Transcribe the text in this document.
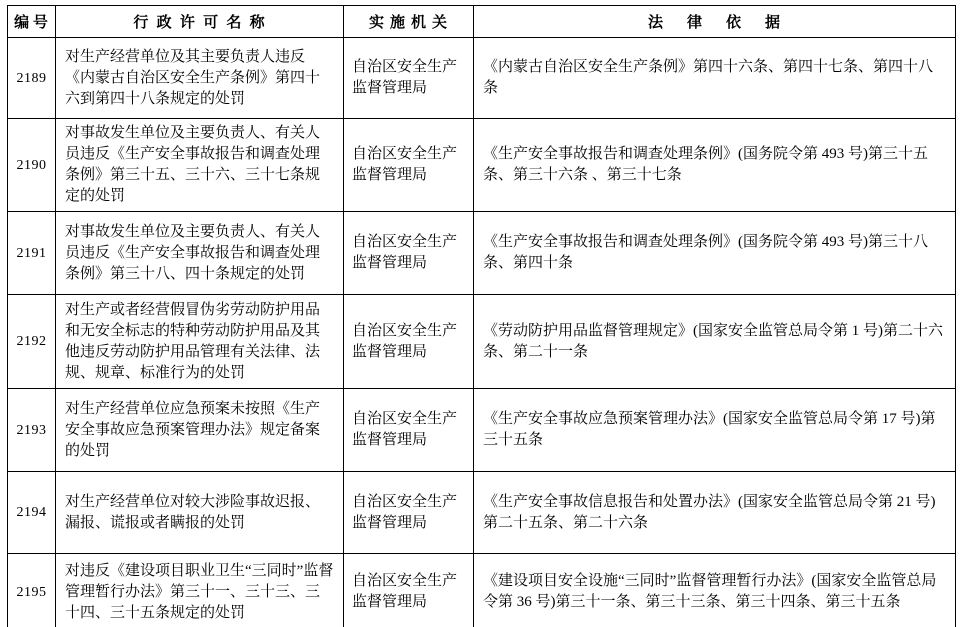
编号	行政许可名称	实施机关	法律依据
2189	对生产经营单位及其主要负责人违反《内蒙古自治区安全生产条例》第四十六到第四十八条规定的处罚	自治区安全生产监督管理局	《内蒙古自治区安全生产条例》第四十六条、第四十七条、第四十八条
2190	对事故发生单位及主要负责人、有关人员违反《生产安全事故报告和调查处理条例》第三十五、三十六、三十七条规定的处罚	自治区安全生产监督管理局	《生产安全事故报告和调查处理条例》(国务院令第 493 号)第三十五条、第三十六条 、第三十七条
2191	对事故发生单位及主要负责人、有关人员违反《生产安全事故报告和调查处理条例》第三十八、四十条规定的处罚	自治区安全生产监督管理局	《生产安全事故报告和调查处理条例》(国务院令第 493 号)第三十八条、第四十条
2192	对生产或者经营假冒伪劣劳动防护用品和无安全标志的特种劳动防护用品及其他违反劳动防护用品管理有关法律、法规、规章、标准行为的处罚	自治区安全生产监督管理局	《劳动防护用品监督管理规定》(国家安全监管总局令第 1 号)第二十六条、第二十一条
2193	对生产经营单位应急预案未按照《生产安全事故应急预案管理办法》规定备案的处罚	自治区安全生产监督管理局	《生产安全事故应急预案管理办法》(国家安全监管总局令第 17 号)第三十五条
2194	对生产经营单位对较大涉险事故迟报、漏报、谎报或者瞒报的处罚	自治区安全生产监督管理局	《生产安全事故信息报告和处置办法》(国家安全监管总局令第 21 号)第二十五条、第二十六条
2195	对违反《建设项目职业卫生“三同时”监督管理暂行办法》第三十一、三十三、三十四、三十五条规定的处罚	自治区安全生产监督管理局	《建设项目安全设施“三同时”监督管理暂行办法》(国家安全监管总局令第 36 号)第三十一条、第三十三条、第三十四条、第三十五条
